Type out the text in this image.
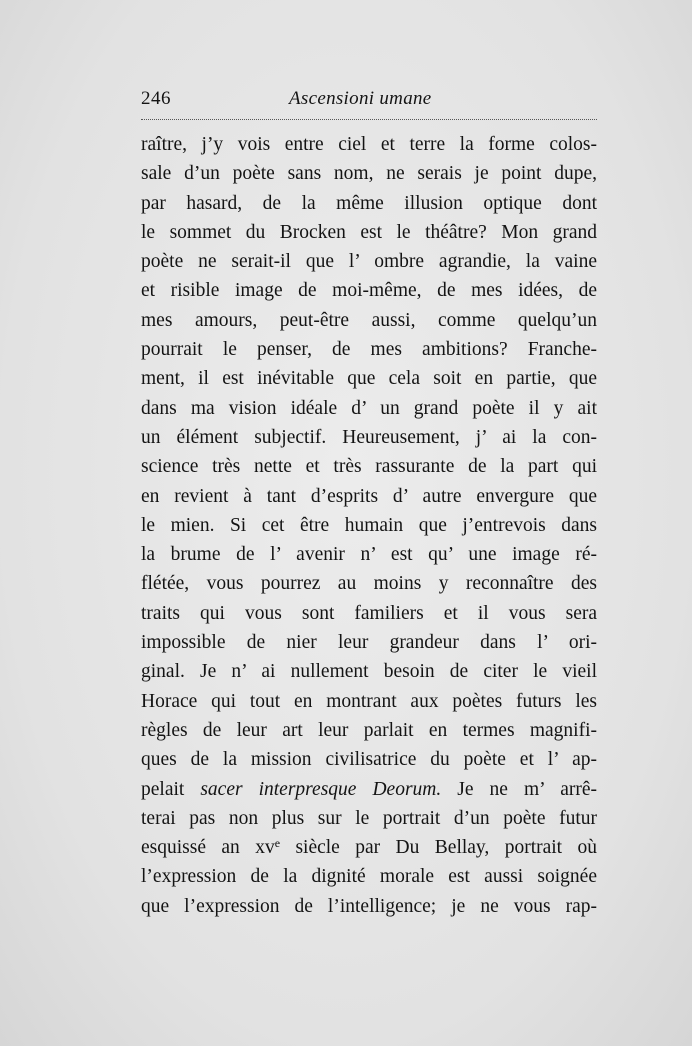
246	Ascensioni umane
raître, j’y vois entre ciel et terre la forme colos-
sale d’un poète sans nom, ne serais je point dupe,
par hasard, de la même illusion optique dont
le sommet du Brocken est le théâtre? Mon grand
poète ne serait-il que l’ ombre agrandie, la vaine
et risible image de moi-même, de mes idées, de
mes amours, peut-être aussi, comme quelqu’un
pourrait le penser, de mes ambitions? Franche-
ment, il est inévitable que cela soit en partie, que
dans ma vision idéale d’ un grand poète il y ait
un élément subjectif. Heureusement, j’ ai la con-
science très nette et très rassurante de la part qui
en revient à tant d’esprits d’ autre envergure que
le mien. Si cet être humain que j’entrevois dans
la brume de l’ avenir n’ est qu’ une image ré-
flétée, vous pourrez au moins y reconnaître des
traits qui vous sont familiers et il vous sera
impossible de nier leur grandeur dans l’ ori-
ginal. Je n’ ai nullement besoin de citer le vieil
Horace qui tout en montrant aux poètes futurs les
règles de leur art leur parlait en termes magnifi-
ques de la mission civilisatrice du poète et l’ ap-
pelait sacer interpresque Deorum. Je ne m’ arrê-
terai pas non plus sur le portrait d’un poète futur
esquissé an $xv^e$ siècle par Du Bellay, portrait où
l’expression de la dignité morale est aussi soignée
que l’expression de l’intelligence; je ne vous rap-
